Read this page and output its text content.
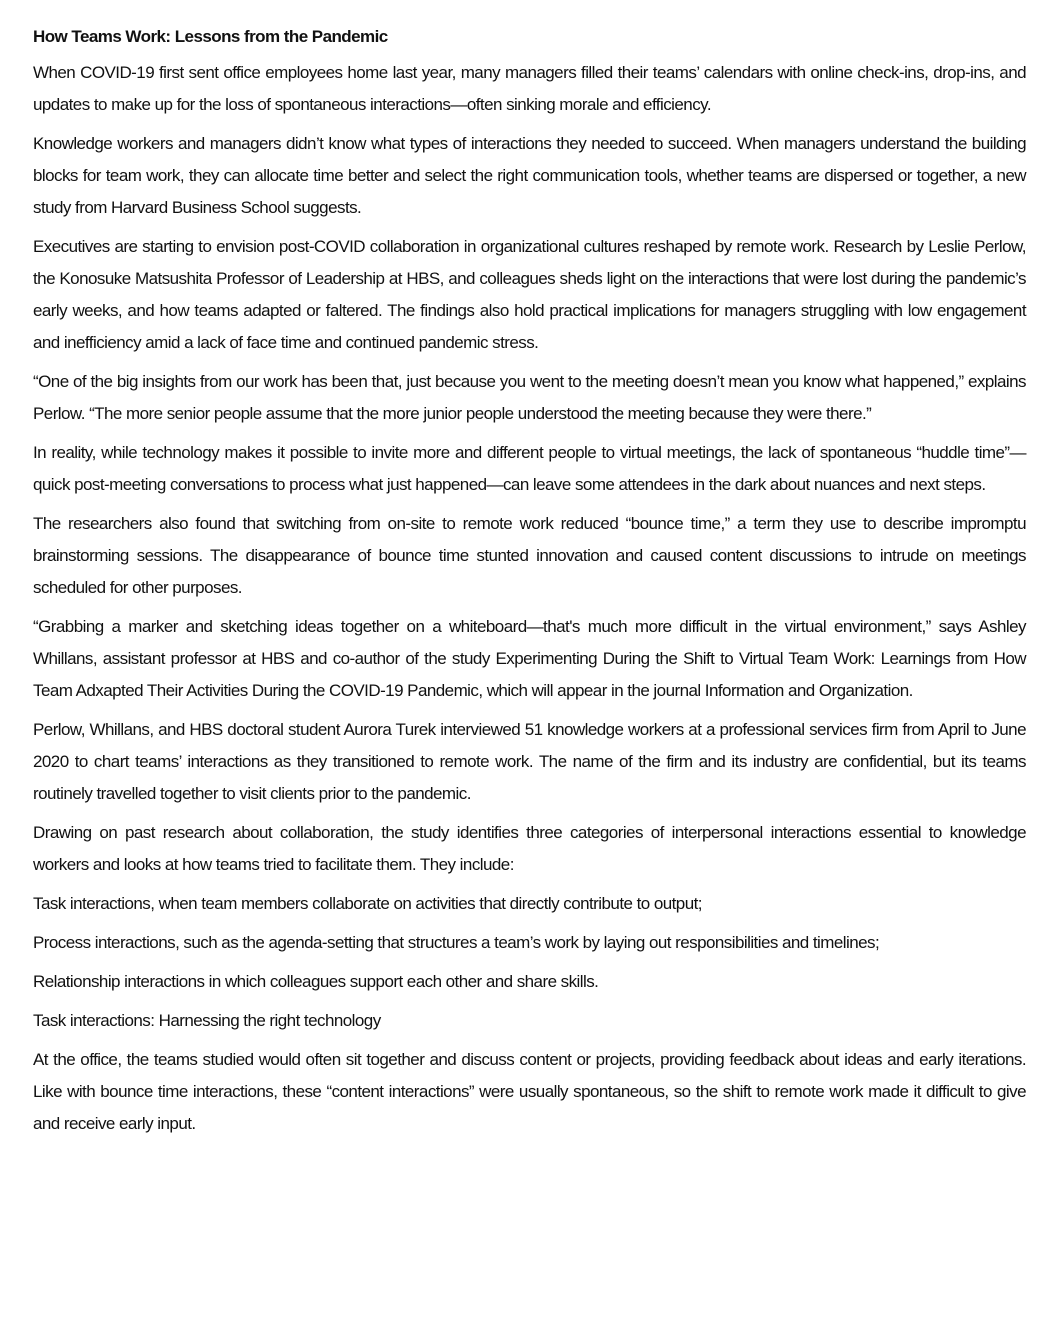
How Teams Work: Lessons from the Pandemic

When COVID-19 first sent office employees home last year, many managers filled their teams’ calendars with online check-ins, drop-ins, and updates to make up for the loss of spontaneous interactions—often sinking morale and efficiency.

Knowledge workers and managers didn’t know what types of interactions they needed to succeed. When managers understand the building blocks for team work, they can allocate time better and select the right communication tools, whether teams are dispersed or together, a new study from Harvard Business School suggests.

Executives are starting to envision post-COVID collaboration in organizational cultures reshaped by remote work. Research by Leslie Perlow, the Konosuke Matsushita Professor of Leadership at HBS, and colleagues sheds light on the interactions that were lost during the pandemic’s early weeks, and how teams adapted or faltered. The findings also hold practical implications for managers struggling with low engagement and inefficiency amid a lack of face time and continued pandemic stress.

“One of the big insights from our work has been that, just because you went to the meeting doesn’t mean you know what happened,” explains Perlow. “The more senior people assume that the more junior people understood the meeting because they were there.”

In reality, while technology makes it possible to invite more and different people to virtual meetings, the lack of spontaneous “huddle time”—quick post-meeting conversations to process what just happened—can leave some attendees in the dark about nuances and next steps.

The researchers also found that switching from on-site to remote work reduced “bounce time,” a term they use to describe impromptu brainstorming sessions. The disappearance of bounce time stunted innovation and caused content discussions to intrude on meetings scheduled for other purposes.

“Grabbing a marker and sketching ideas together on a whiteboard—that's much more difficult in the virtual environment,” says Ashley Whillans, assistant professor at HBS and co-author of the study Experimenting During the Shift to Virtual Team Work: Learnings from How Team Adxapted Their Activities During the COVID-19 Pandemic, which will appear in the journal Information and Organization.

Perlow, Whillans, and HBS doctoral student Aurora Turek interviewed 51 knowledge workers at a professional services firm from April to June 2020 to chart teams’ interactions as they transitioned to remote work. The name of the firm and its industry are confidential, but its teams routinely travelled together to visit clients prior to the pandemic.

Drawing on past research about collaboration, the study identifies three categories of interpersonal interactions essential to knowledge workers and looks at how teams tried to facilitate them. They include:

Task interactions, when team members collaborate on activities that directly contribute to output;

Process interactions, such as the agenda-setting that structures a team’s work by laying out responsibilities and timelines;

Relationship interactions in which colleagues support each other and share skills.

Task interactions: Harnessing the right technology

At the office, the teams studied would often sit together and discuss content or projects, providing feedback about ideas and early iterations. Like with bounce time interactions, these “content interactions” were usually spontaneous, so the shift to remote work made it difficult to give and receive early input.
